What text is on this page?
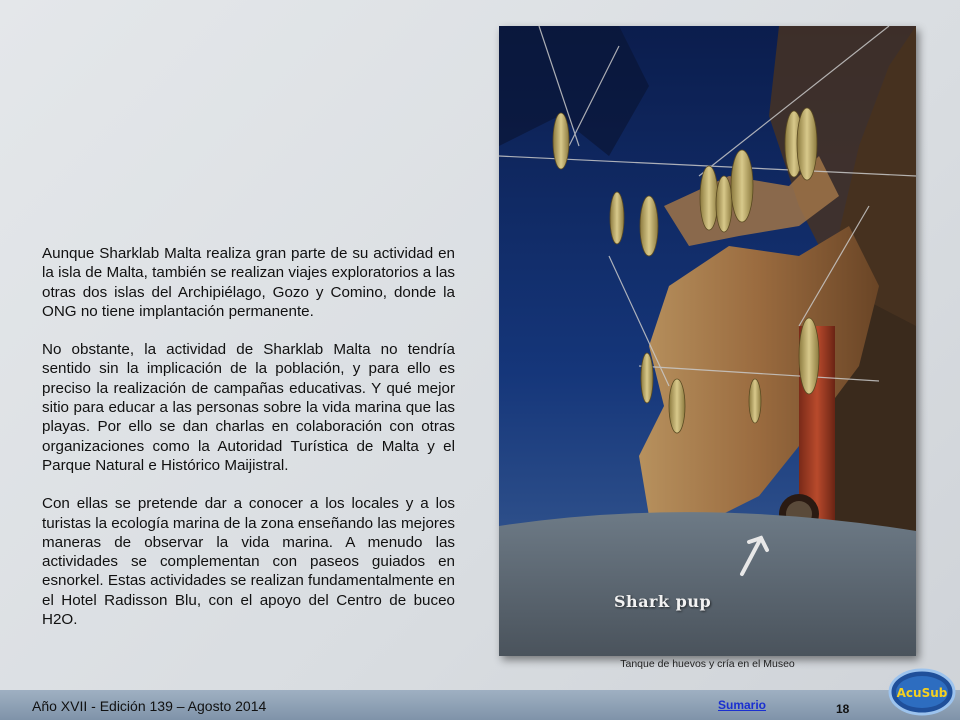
Aunque Sharklab Malta realiza gran parte de su actividad en la isla de Malta, también se realizan viajes exploratorios a las otras dos islas del Archipiélago, Gozo y Comino, donde la ONG no tiene implantación permanente.

No obstante, la actividad de Sharklab Malta no tendría sentido sin la implicación de la población, y para ello es preciso la realización de campañas educativas. Y qué mejor sitio para educar a las personas sobre la vida marina que las playas. Por ello se dan charlas en colaboración con otras organizaciones como la Autoridad Turística de Malta y el Parque Natural e Histórico Maijistral.

Con ellas se pretende dar a conocer a los locales y a los turistas la ecología marina de la zona enseñando las mejores maneras de observar la vida marina. A menudo las actividades se complementan con paseos guiados en esnorkel. Estas actividades se realizan fundamentalmente en el Hotel Radisson Blu, con el apoyo del Centro de buceo H2O.

Shark pup
Tanque de huevos y cría en el Museo
Año XVII - Edición 139 – Agosto 2014	Sumario	18
AcuSub
